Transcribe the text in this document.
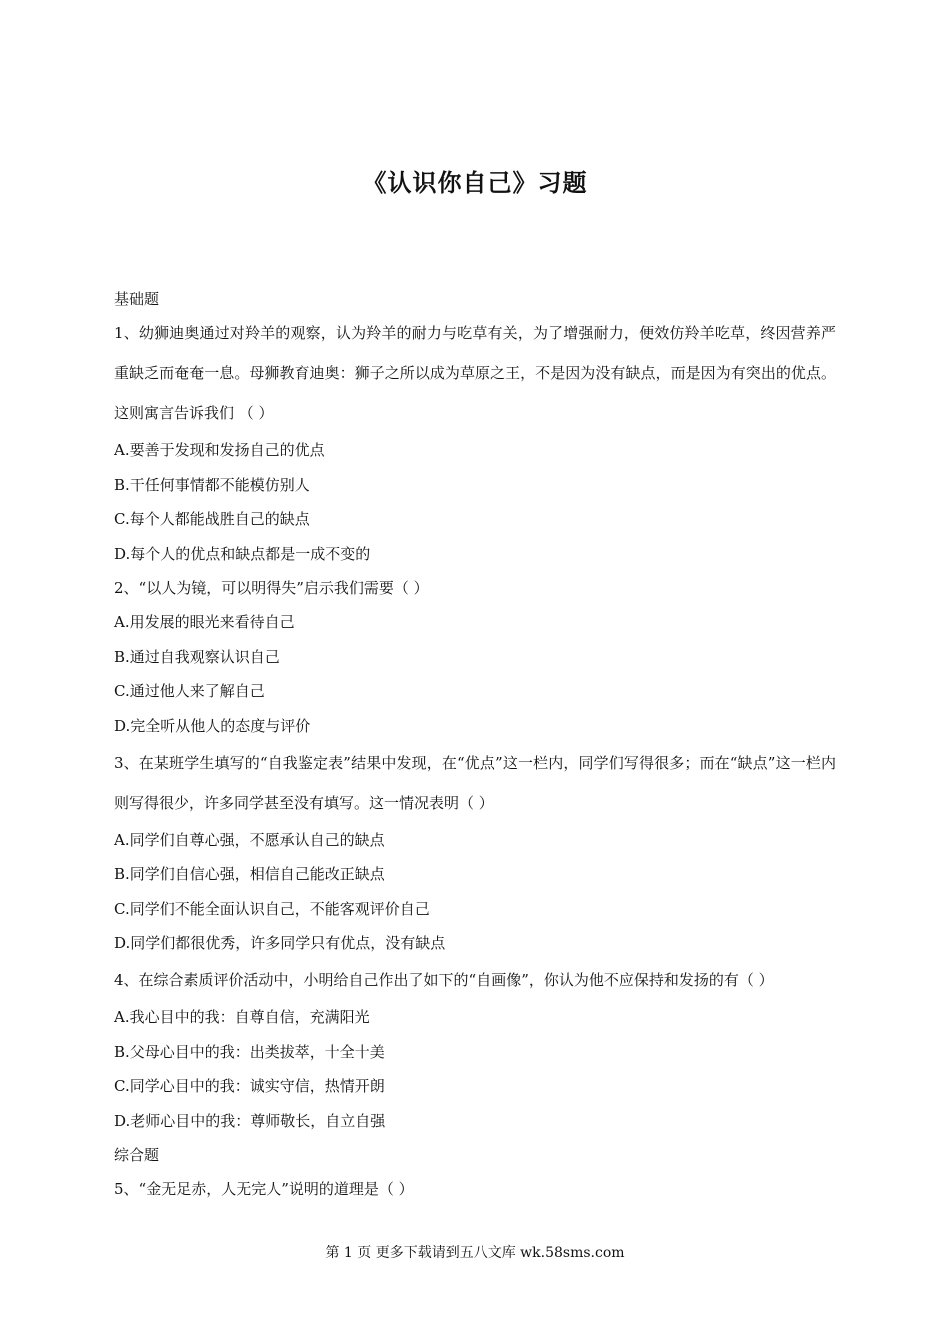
《认识你自己》习题
基础题
1、幼狮迪奥通过对羚羊的观察，认为羚羊的耐力与吃草有关，为了增强耐力，便效仿羚羊吃草，终因营养严重缺乏而奄奄一息。母狮教育迪奥：狮子之所以成为草原之王，不是因为没有缺点，而是因为有突出的优点。这则寓言告诉我们 （ ）
A.要善于发现和发扬自己的优点
B.干任何事情都不能模仿别人
C.每个人都能战胜自己的缺点
D.每个人的优点和缺点都是一成不变的
2、“以人为镜，可以明得失”启示我们需要（ ）
A.用发展的眼光来看待自己
B.通过自我观察认识自己
C.通过他人来了解自己
D.完全听从他人的态度与评价
3、在某班学生填写的“自我鉴定表”结果中发现，在“优点”这一栏内，同学们写得很多；而在“缺点”这一栏内则写得很少，许多同学甚至没有填写。这一情况表明（ ）
A.同学们自尊心强，不愿承认自己的缺点
B.同学们自信心强，相信自己能改正缺点
C.同学们不能全面认识自己，不能客观评价自己
D.同学们都很优秀，许多同学只有优点，没有缺点
4、在综合素质评价活动中，小明给自己作出了如下的“自画像”，你认为他不应保持和发扬的有（ ）
A.我心目中的我：自尊自信，充满阳光
B.父母心目中的我：出类拔萃，十全十美
C.同学心目中的我：诚实守信，热情开朗
D.老师心目中的我：尊师敬长，自立自强
综合题
5、“金无足赤，人无完人”说明的道理是（ ）
第 1 页 更多下载请到五八文库 wk.58sms.com
